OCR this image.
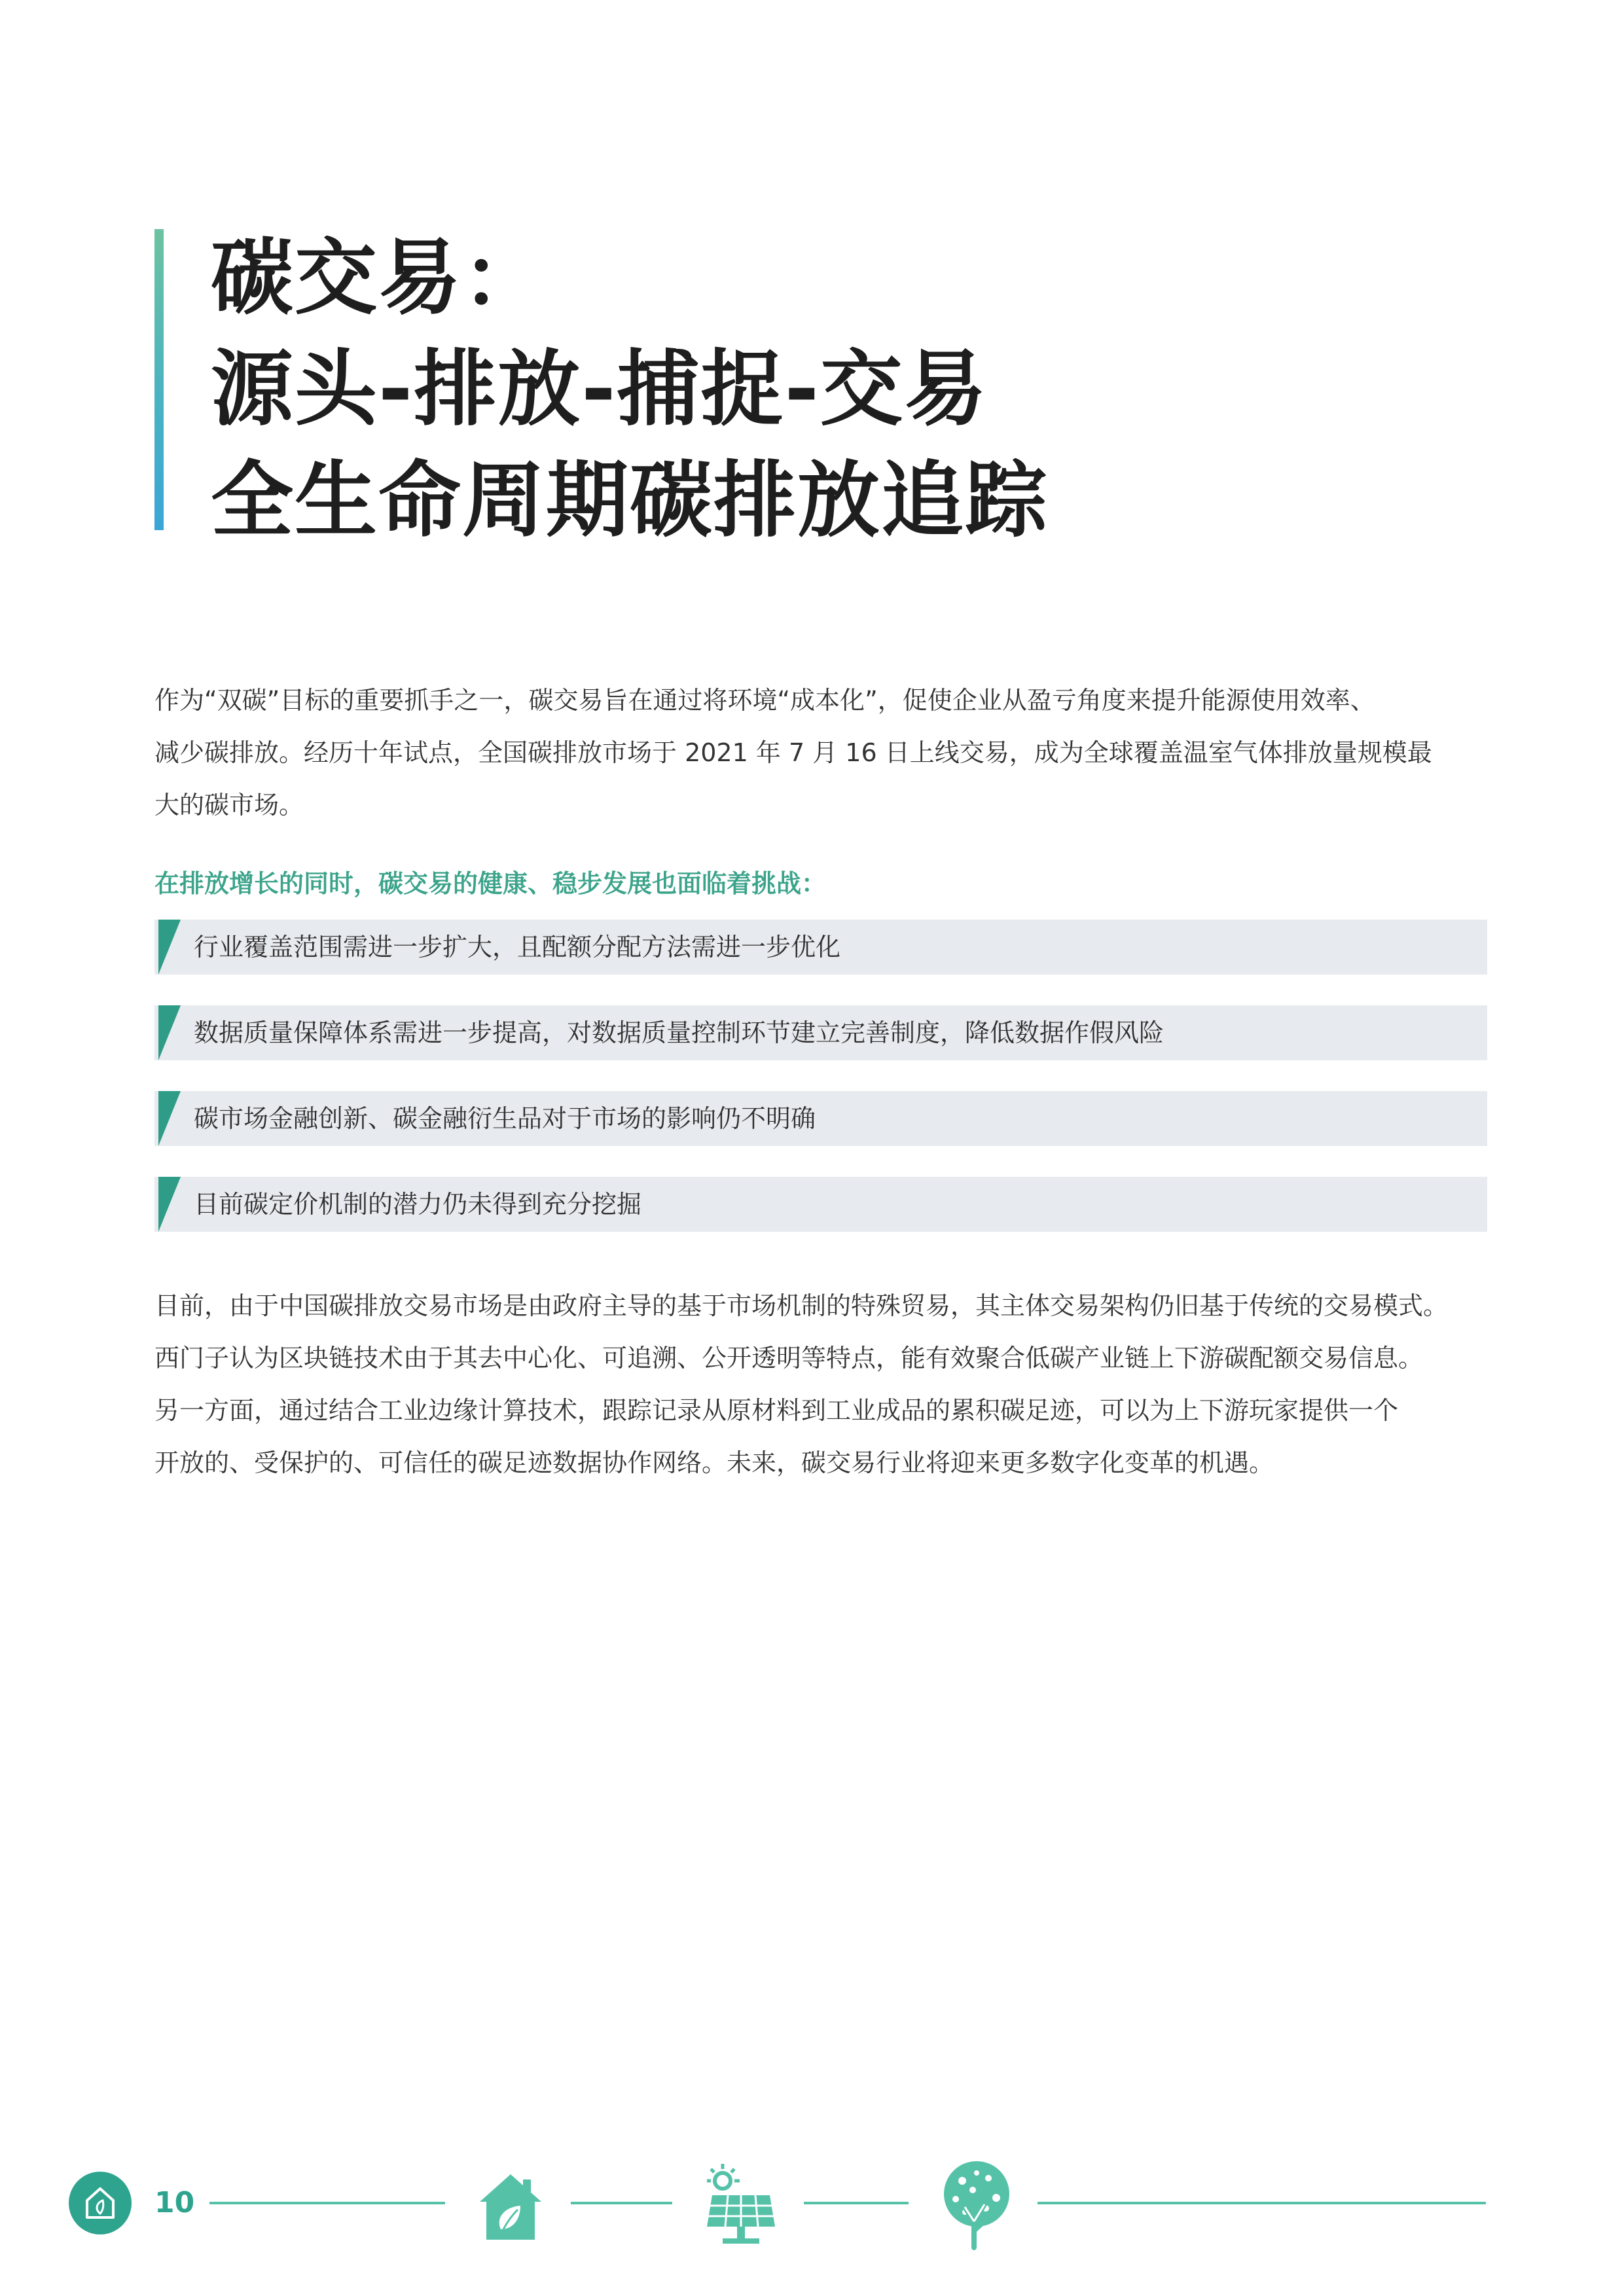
碳交易：
源头-排放-捕捉-交易
全生命周期碳排放追踪
作为“双碳”目标的重要抓手之一，碳交易旨在通过将环境“成本化”，促使企业从盈亏角度来提升能源使用效率、
减少碳排放。经历十年试点，全国碳排放市场于 2021 年 7 月 16 日上线交易，成为全球覆盖温室气体排放量规模最
大的碳市场。
在排放增长的同时，碳交易的健康、稳步发展也面临着挑战：
行业覆盖范围需进一步扩大，且配额分配方法需进一步优化
数据质量保障体系需进一步提高，对数据质量控制环节建立完善制度，降低数据作假风险
碳市场金融创新、碳金融衍生品对于市场的影响仍不明确
目前碳定价机制的潜力仍未得到充分挖掘
目前，由于中国碳排放交易市场是由政府主导的基于市场机制的特殊贸易，其主体交易架构仍旧基于传统的交易模式。
西门子认为区块链技术由于其去中心化、可追溯、公开透明等特点，能有效聚合低碳产业链上下游碳配额交易信息。
另一方面，通过结合工业边缘计算技术，跟踪记录从原材料到工业成品的累积碳足迹，可以为上下游玩家提供一个
开放的、受保护的、可信任的碳足迹数据协作网络。未来，碳交易行业将迎来更多数字化变革的机遇。
10
